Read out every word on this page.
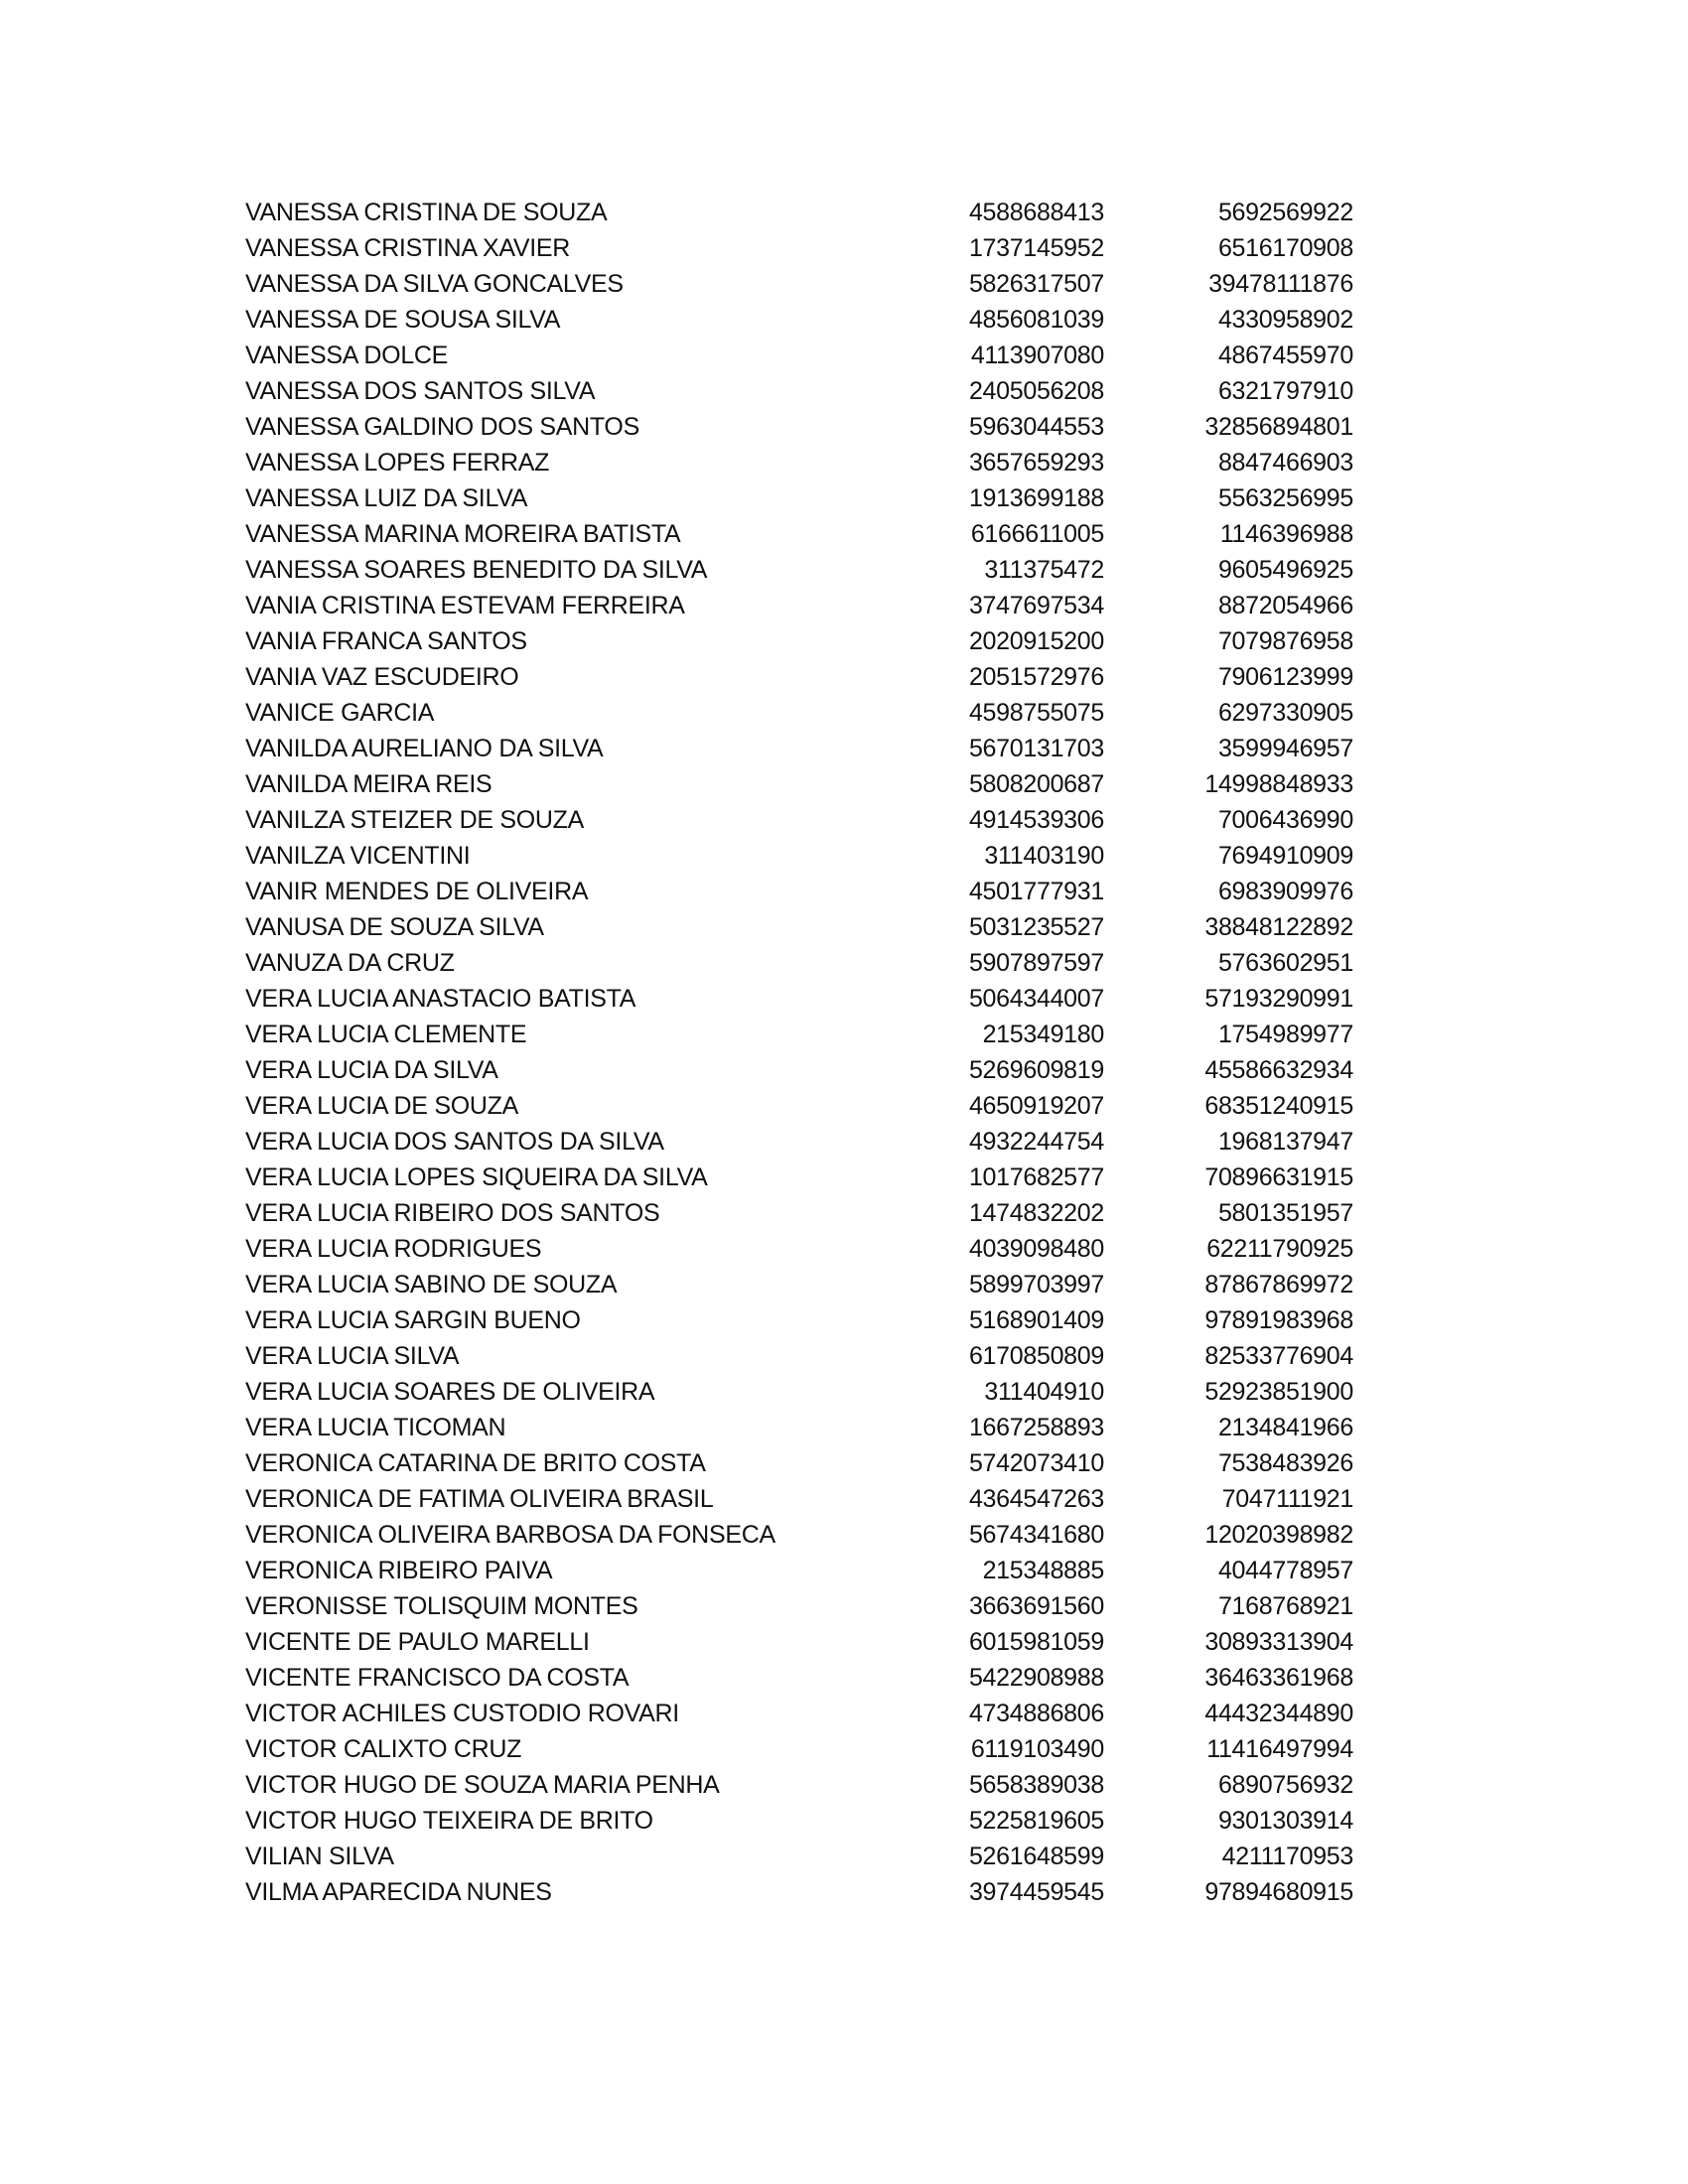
VANESSA CRISTINA DE SOUZA	4588688413	5692569922
VANESSA CRISTINA XAVIER	1737145952	6516170908
VANESSA DA SILVA GONCALVES	5826317507	39478111876
VANESSA DE SOUSA SILVA	4856081039	4330958902
VANESSA DOLCE	4113907080	4867455970
VANESSA DOS SANTOS SILVA	2405056208	6321797910
VANESSA GALDINO DOS SANTOS	5963044553	32856894801
VANESSA LOPES FERRAZ	3657659293	8847466903
VANESSA LUIZ DA SILVA	1913699188	5563256995
VANESSA MARINA MOREIRA BATISTA	6166611005	1146396988
VANESSA SOARES BENEDITO DA SILVA	311375472	9605496925
VANIA CRISTINA ESTEVAM FERREIRA	3747697534	8872054966
VANIA FRANCA SANTOS	2020915200	7079876958
VANIA VAZ ESCUDEIRO	2051572976	7906123999
VANICE GARCIA	4598755075	6297330905
VANILDA AURELIANO DA SILVA	5670131703	3599946957
VANILDA MEIRA REIS	5808200687	14998848933
VANILZA STEIZER DE SOUZA	4914539306	7006436990
VANILZA VICENTINI	311403190	7694910909
VANIR MENDES DE OLIVEIRA	4501777931	6983909976
VANUSA DE SOUZA SILVA	5031235527	38848122892
VANUZA DA CRUZ	5907897597	5763602951
VERA LUCIA ANASTACIO BATISTA	5064344007	57193290991
VERA LUCIA CLEMENTE	215349180	1754989977
VERA LUCIA DA SILVA	5269609819	45586632934
VERA LUCIA DE SOUZA	4650919207	68351240915
VERA LUCIA DOS SANTOS DA SILVA	4932244754	1968137947
VERA LUCIA LOPES SIQUEIRA DA SILVA	1017682577	70896631915
VERA LUCIA RIBEIRO DOS SANTOS	1474832202	5801351957
VERA LUCIA RODRIGUES	4039098480	62211790925
VERA LUCIA SABINO DE SOUZA	5899703997	87867869972
VERA LUCIA SARGIN BUENO	5168901409	97891983968
VERA LUCIA SILVA	6170850809	82533776904
VERA LUCIA SOARES DE OLIVEIRA	311404910	52923851900
VERA LUCIA TICOMAN	1667258893	2134841966
VERONICA CATARINA DE BRITO COSTA	5742073410	7538483926
VERONICA DE FATIMA OLIVEIRA BRASIL	4364547263	7047111921
VERONICA OLIVEIRA BARBOSA DA FONSECA	5674341680	12020398982
VERONICA RIBEIRO PAIVA	215348885	4044778957
VERONISSE TOLISQUIM MONTES	3663691560	7168768921
VICENTE DE PAULO MARELLI	6015981059	30893313904
VICENTE FRANCISCO DA COSTA	5422908988	36463361968
VICTOR ACHILES CUSTODIO ROVARI	4734886806	44432344890
VICTOR CALIXTO CRUZ	6119103490	11416497994
VICTOR HUGO DE SOUZA MARIA PENHA	5658389038	6890756932
VICTOR HUGO TEIXEIRA DE BRITO	5225819605	9301303914
VILIAN SILVA	5261648599	4211170953
VILMA APARECIDA NUNES	3974459545	97894680915
